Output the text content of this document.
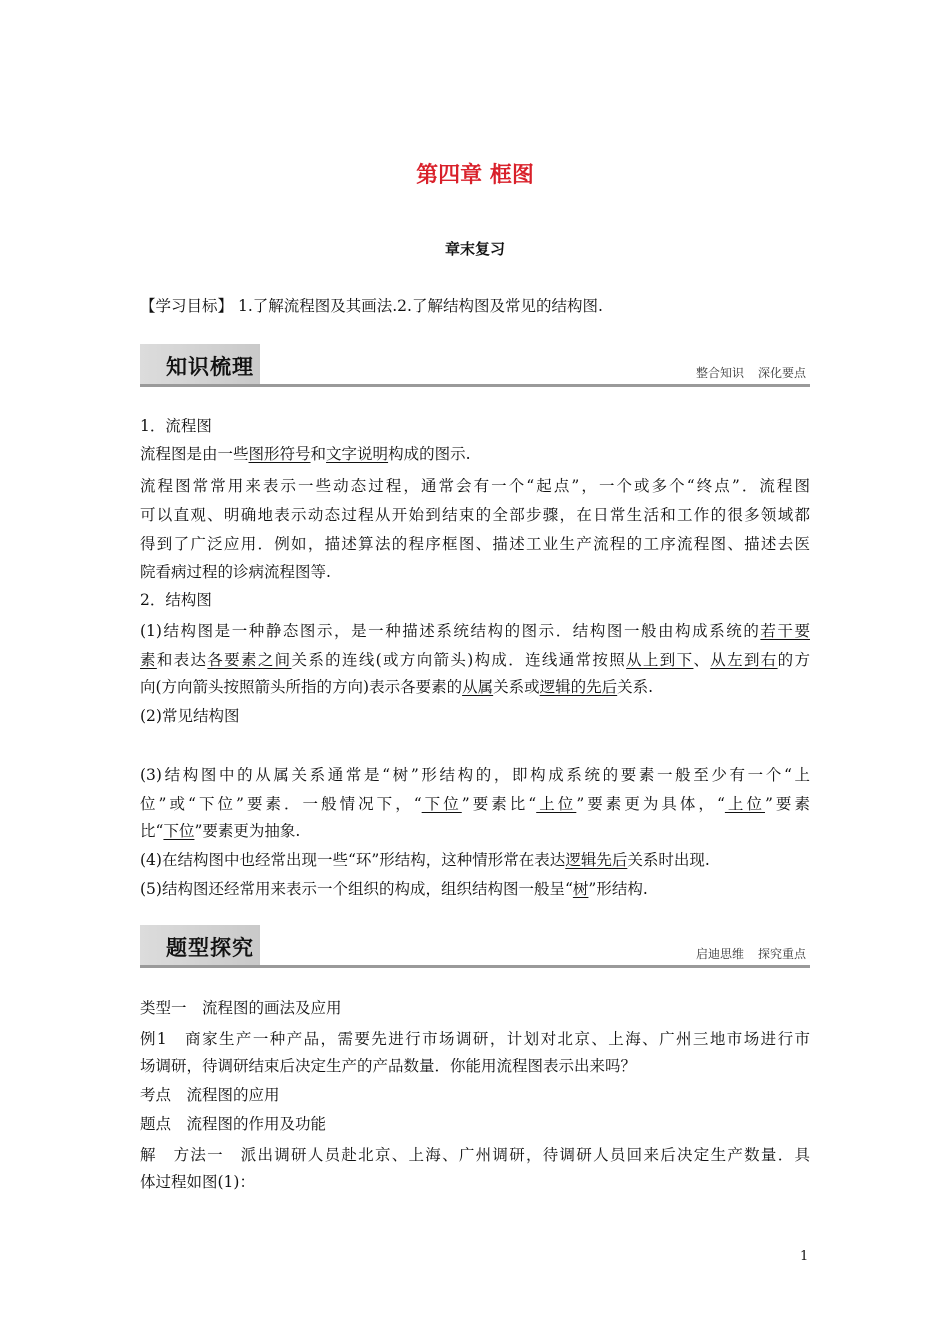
第四章 框图
章末复习
【学习目标】 1.了解流程图及其画法.2.了解结构图及常见的结构图.
知识梳理	整合知识 深化要点
1．流程图
流程图是由一些图形符号和文字说明构成的图示.
流程图常常用来表示一些动态过程，通常会有一个“起点”，一个或多个“终点”．流程图
可以直观、明确地表示动态过程从开始到结束的全部步骤，在日常生活和工作的很多领域都
得到了广泛应用．例如，描述算法的程序框图、描述工业生产流程的工序流程图、描述去医
院看病过程的诊病流程图等.
2．结构图
(1)结构图是一种静态图示，是一种描述系统结构的图示．结构图一般由构成系统的若干要
素和表达各要素之间关系的连线(或方向箭头)构成．连线通常按照从上到下、从左到右的方
向(方向箭头按照箭头所指的方向)表示各要素的从属关系或逻辑的先后关系.
(2)常见结构图
(3)结构图中的从属关系通常是“树”形结构的，即构成系统的要素一般至少有一个“上
位”或“下位”要素．一般情况下，“下位”要素比“上位”要素更为具体，“上位”要素
比“下位”要素更为抽象.
(4)在结构图中也经常出现一些“环”形结构，这种情形常在表达逻辑先后关系时出现.
(5)结构图还经常用来表示一个组织的构成，组织结构图一般呈“树”形结构.
题型探究	启迪思维 探究重点
类型一　流程图的画法及应用
例1　商家生产一种产品，需要先进行市场调研，计划对北京、上海、广州三地市场进行市
场调研，待调研结束后决定生产的产品数量．你能用流程图表示出来吗？
考点　流程图的应用
题点　流程图的作用及功能
解　方法一　派出调研人员赴北京、上海、广州调研，待调研人员回来后决定生产数量．具
体过程如图(1)：
1
